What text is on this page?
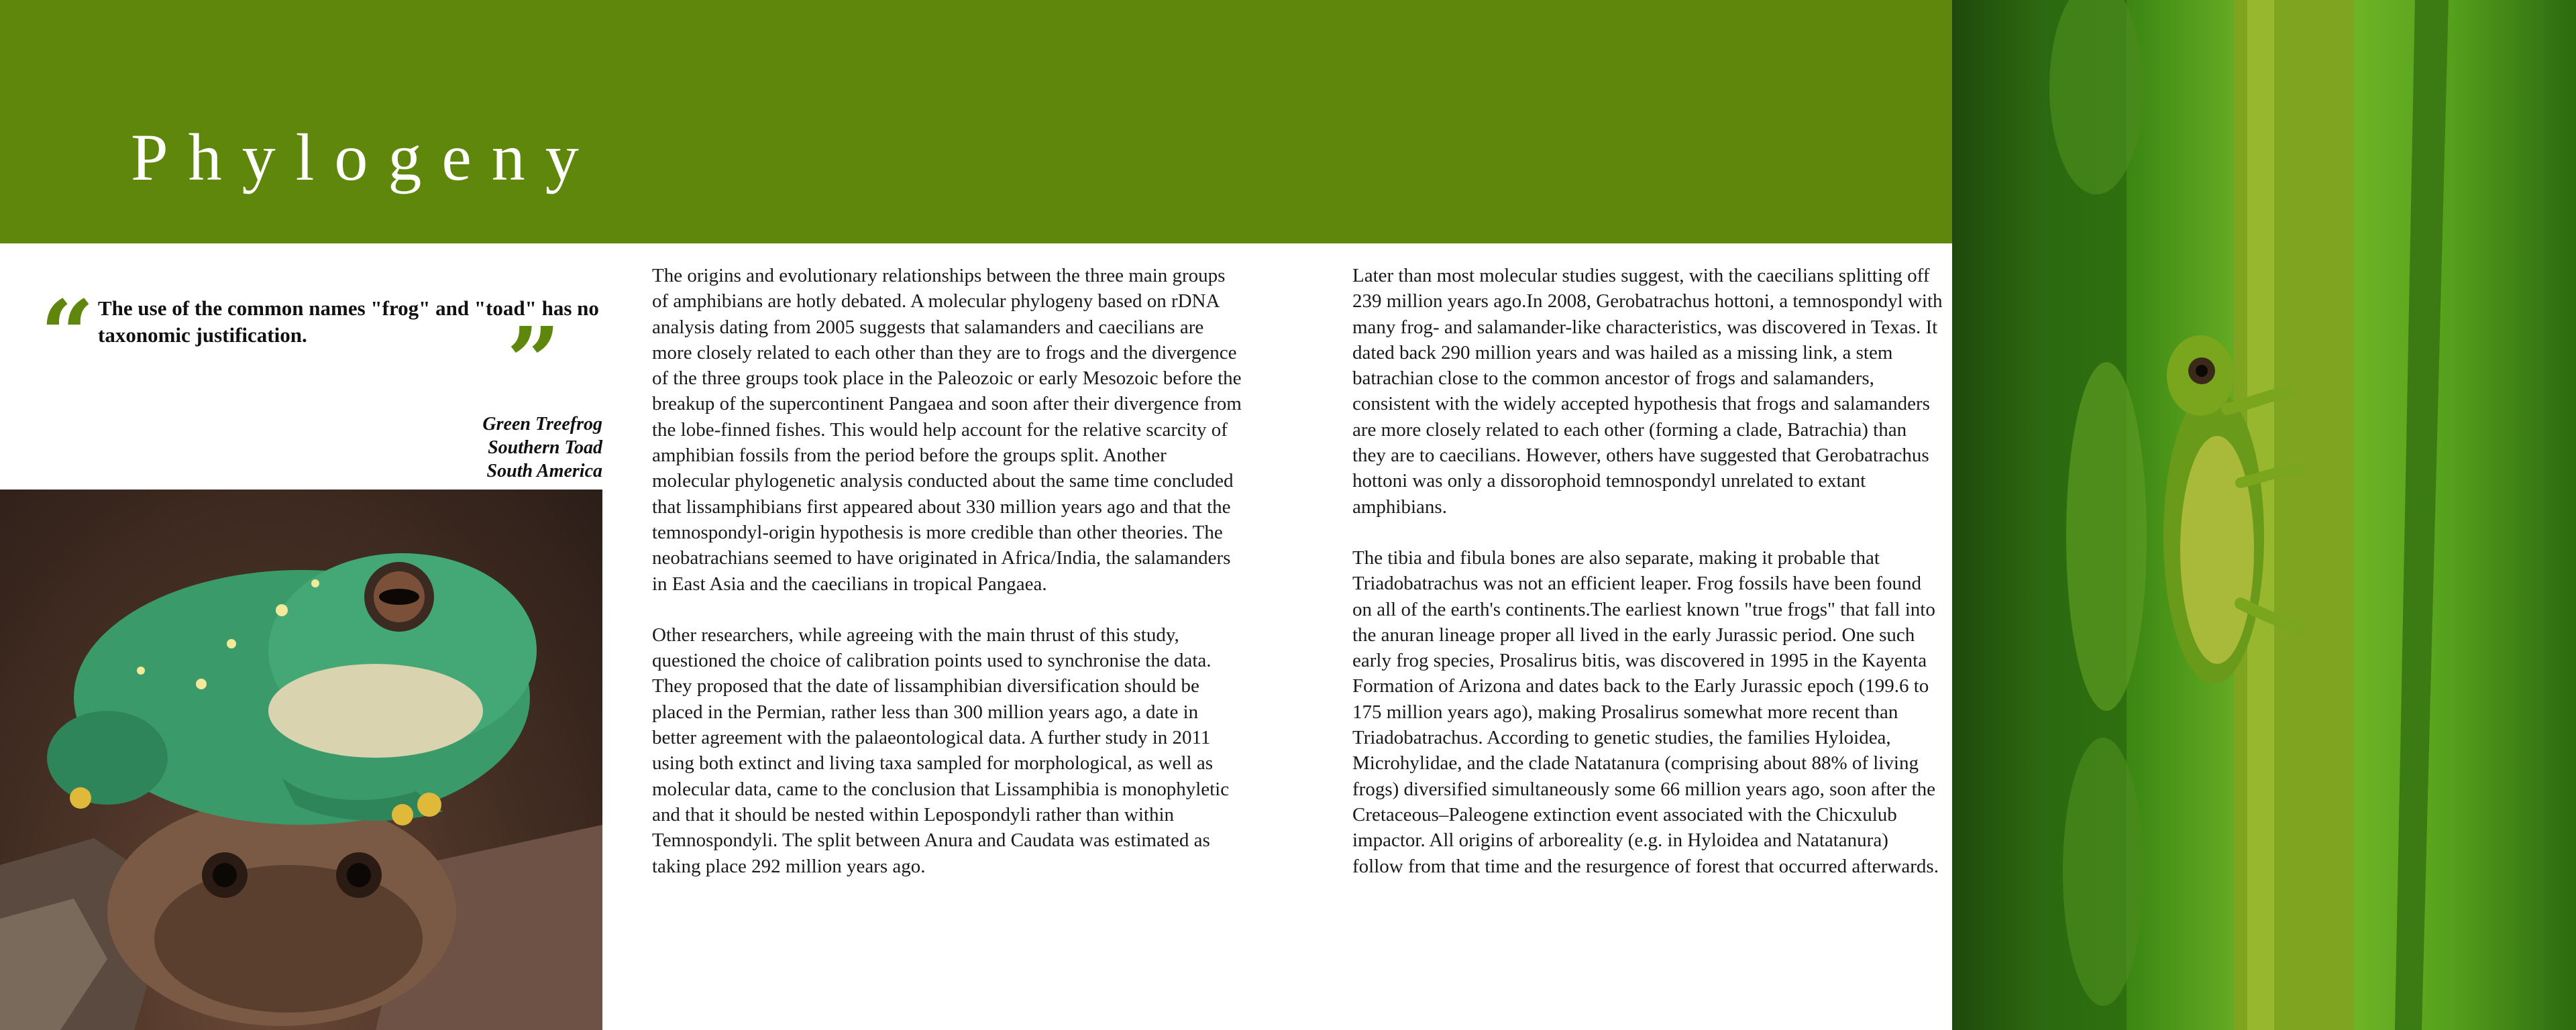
Phylogeny
“ The use of the common names "frog" and "toad" has no taxonomic justification.	”
Green Treefrog
Southern Toad
South America

The origins and evolutionary relationships between the three main groups of amphibians are hotly debated. A molecular phylogeny based on rDNA analysis dating from 2005 suggests that salamanders and caecilians are more closely related to each other than they are to frogs and the divergence of the three groups took place in the Paleozoic or early Mesozoic before the breakup of the supercontinent Pangaea and soon after their divergence from the lobe-finned fishes. This would help account for the relative scarcity of amphibian fossils from the period before the groups split. Another molecular phylogenetic analysis conducted about the same time concluded that lissamphibians first appeared about 330 million years ago and that the temnospondyl-origin hypothesis is more credible than other theories. The neobatrachians seemed to have originated in Africa/India, the salamanders in East Asia and the caecilians in tropical Pangaea.

Other researchers, while agreeing with the main thrust of this study, questioned the choice of calibration points used to synchronise the data. They proposed that the date of lissamphibian diversification should be placed in the Permian, rather less than 300 million years ago, a date in better agreement with the palaeontological data. A further study in 2011 using both extinct and living taxa sampled for morphological, as well as molecular data, came to the conclusion that Lissamphibia is monophyletic and that it should be nested within Lepospondyli rather than within Temnospondyli. The split between Anura and Caudata was estimated as taking place 292 million years ago.

Later than most molecular studies suggest, with the caecilians splitting off 239 million years ago.In 2008, Gerobatrachus hottoni, a temnospondyl with many frog- and salamander-like characteristics, was discovered in Texas. It dated back 290 million years and was hailed as a missing link, a stem batrachian close to the common ancestor of frogs and salamanders, consistent with the widely accepted hypothesis that frogs and salamanders are more closely related to each other (forming a clade, Batrachia) than they are to caecilians. However, others have suggested that Gerobatrachus hottoni was only a dissorophoid temnospondyl unrelated to extant amphibians.

The tibia and fibula bones are also separate, making it probable that Triadobatrachus was not an efficient leaper. Frog fossils have been found on all of the earth's continents.The earliest known "true frogs" that fall into the anuran lineage proper all lived in the early Jurassic period. One such early frog species, Prosalirus bitis, was discovered in 1995 in the Kayenta Formation of Arizona and dates back to the Early Jurassic epoch (199.6 to 175 million years ago), making Prosalirus somewhat more recent than Triadobatrachus. According to genetic studies, the families Hyloidea, Microhylidae, and the clade Natatanura (comprising about 88% of living frogs) diversified simultaneously some 66 million years ago, soon after the Cretaceous–Paleogene extinction event associated with the Chicxulub impactor. All origins of arboreality (e.g. in Hyloidea and Natatanura) follow from that time and the resurgence of forest that occurred afterwards.
